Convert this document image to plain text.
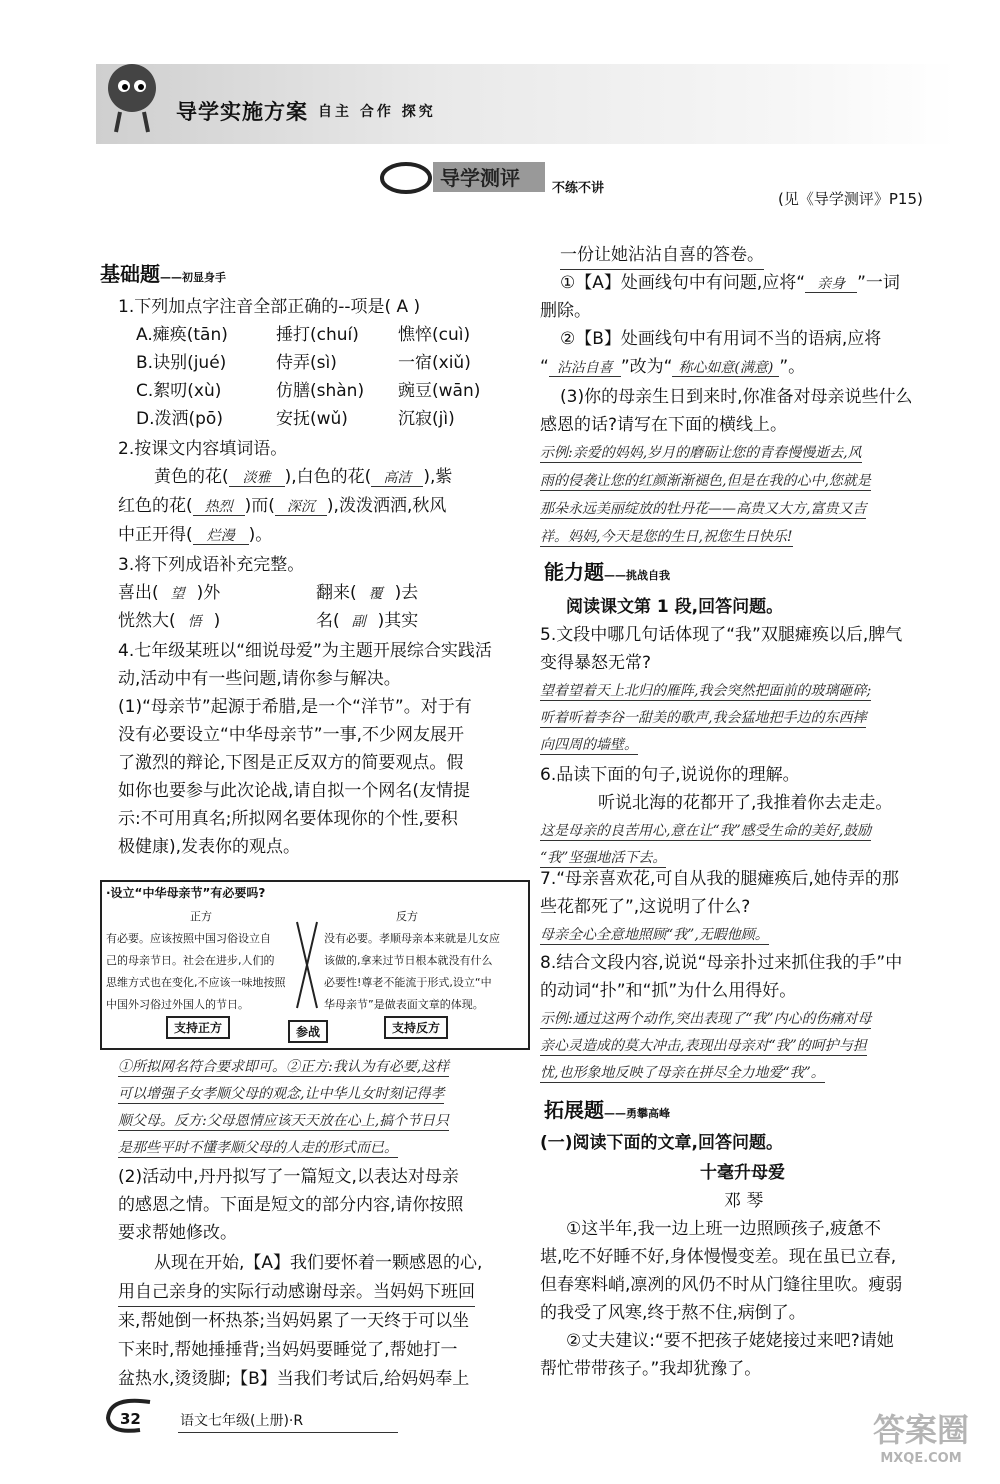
导学实施方案 自主 合作 探究
导学测评 不练不讲
(见《导学测评》P15)
基础题——初显身手
1.下列加点字注音全部正确的--项是( A )
A.瘫痪(tān)	捶打(chuí) 憔悴(cuì)
B.诀别(jué)	侍弄(sì)	一宿(xiǔ)
C.絮叨(xù)	仿膳(shàn) 豌豆(wān)
D.泼洒(pō)	安抚(wǔ)	沉寂(jì)
2.按课文内容填词语。
黄色的花( 淡雅 ),白色的花( 高洁 ),紫
红色的花( 热烈 )而( 深沉 ),泼泼洒洒,秋风
中正开得( 烂漫 )。
3.将下列成语补充完整。
喜出( 望 )外	翻来( 覆 )去
恍然大( 悟 )	名( 副 )其实
4.七年级某班以“细说母爱”为主题开展综合实践活
动,活动中有一些问题,请你参与解决。
(1)“母亲节”起源于希腊,是一个“洋节”。对于有
没有必要设立“中华母亲节”一事,不少网友展开
了激烈的辩论,下图是正反双方的简要观点。假
如你也要参与此次论战,请自拟一个网名(友情提
示:不可用真名;所拟网名要体现你的个性,要积
极健康),发表你的观点。
·设立“中华母亲节”有必要吗?
正方	反方
有必要。应该按照中国习俗设立自
己的母亲节日。社会在进步,人们的
思维方式也在变化,不应该一味地按照
中国外习俗过外国人的节日。
没有必要。孝顺母亲本来就是儿女应
该做的,拿来过节日根本就没有什么
必要性!尊老不能流于形式,设立“中
华母亲节”是做表面文章的体现。
支持正方	参战	支持反方
①所拟网名符合要求即可。②正方:我认为有必要,这样
可以增强子女孝顺父母的观念,让中华儿女时刻记得孝
顺父母。反方:父母恩情应该天天放在心上,搞个节日只
是那些平时不懂孝顺父母的人走的形式而已。
(2)活动中,丹丹拟写了一篇短文,以表达对母亲
的感恩之情。下面是短文的部分内容,请你按照
要求帮她修改。
从现在开始,【A】我们要怀着一颗感恩的心,
用自己亲身的实际行动感谢母亲。当妈妈下班回
来,帮她倒一杯热茶;当妈妈累了一天终于可以坐
下来时,帮她捶捶背;当妈妈要睡觉了,帮她打一
盆热水,烫烫脚;【B】当我们考试后,给妈妈奉上
一份让她沾沾自喜的答卷。
①【A】处画线句中有问题,应将“ 亲身 ”一词
删除。
②【B】处画线句中有用词不当的语病,应将
“ 沾沾自喜 ”改为“ 称心如意(满意) ”。
(3)你的母亲生日到来时,你准备对母亲说些什么
感恩的话?请写在下面的横线上。
示例:亲爱的妈妈,岁月的磨砺让您的青春慢慢逝去,风
雨的侵袭让您的红颜渐渐褪色,但是在我的心中,您就是
那朵永远美丽绽放的牡丹花——高贵又大方,富贵又吉
祥。妈妈,今天是您的生日,祝您生日快乐!
能力题——挑战自我
阅读课文第 1 段,回答问题。
5.文段中哪几句话体现了“我”双腿瘫痪以后,脾气
变得暴怒无常?
望着望着天上北归的雁阵,我会突然把面前的玻璃砸碎;
听着听着李谷一甜美的歌声,我会猛地把手边的东西摔
向四周的墙壁。
6.品读下面的句子,说说你的理解。
听说北海的花都开了,我推着你去走走。
这是母亲的良苦用心,意在让“我”感受生命的美好,鼓励
“我”坚强地活下去。
7.“母亲喜欢花,可自从我的腿瘫痪后,她侍弄的那
些花都死了”,这说明了什么?
母亲全心全意地照顾“我”,无暇他顾。
8.结合文段内容,说说“母亲扑过来抓住我的手”中
的动词“扑”和“抓”为什么用得好。
示例:通过这两个动作,突出表现了“我”内心的伤痛对母
亲心灵造成的莫大冲击,表现出母亲对“我”的呵护与担
忧,也形象地反映了母亲在拼尽全力地爱“我”。
拓展题——勇攀高峰
(一)阅读下面的文章,回答问题。
十毫升母爱
邓 琴
①这半年,我一边上班一边照顾孩子,疲惫不
堪,吃不好睡不好,身体慢慢变差。现在虽已立春,
但春寒料峭,凛冽的风仍不时从门缝往里吹。瘦弱
的我受了风寒,终于熬不住,病倒了。
②丈夫建议:“要不把孩子姥姥接过来吧?请她
帮忙带带孩子。”我却犹豫了。
32	语文七年级(上册)·R	答案圈
MXQE.COM
